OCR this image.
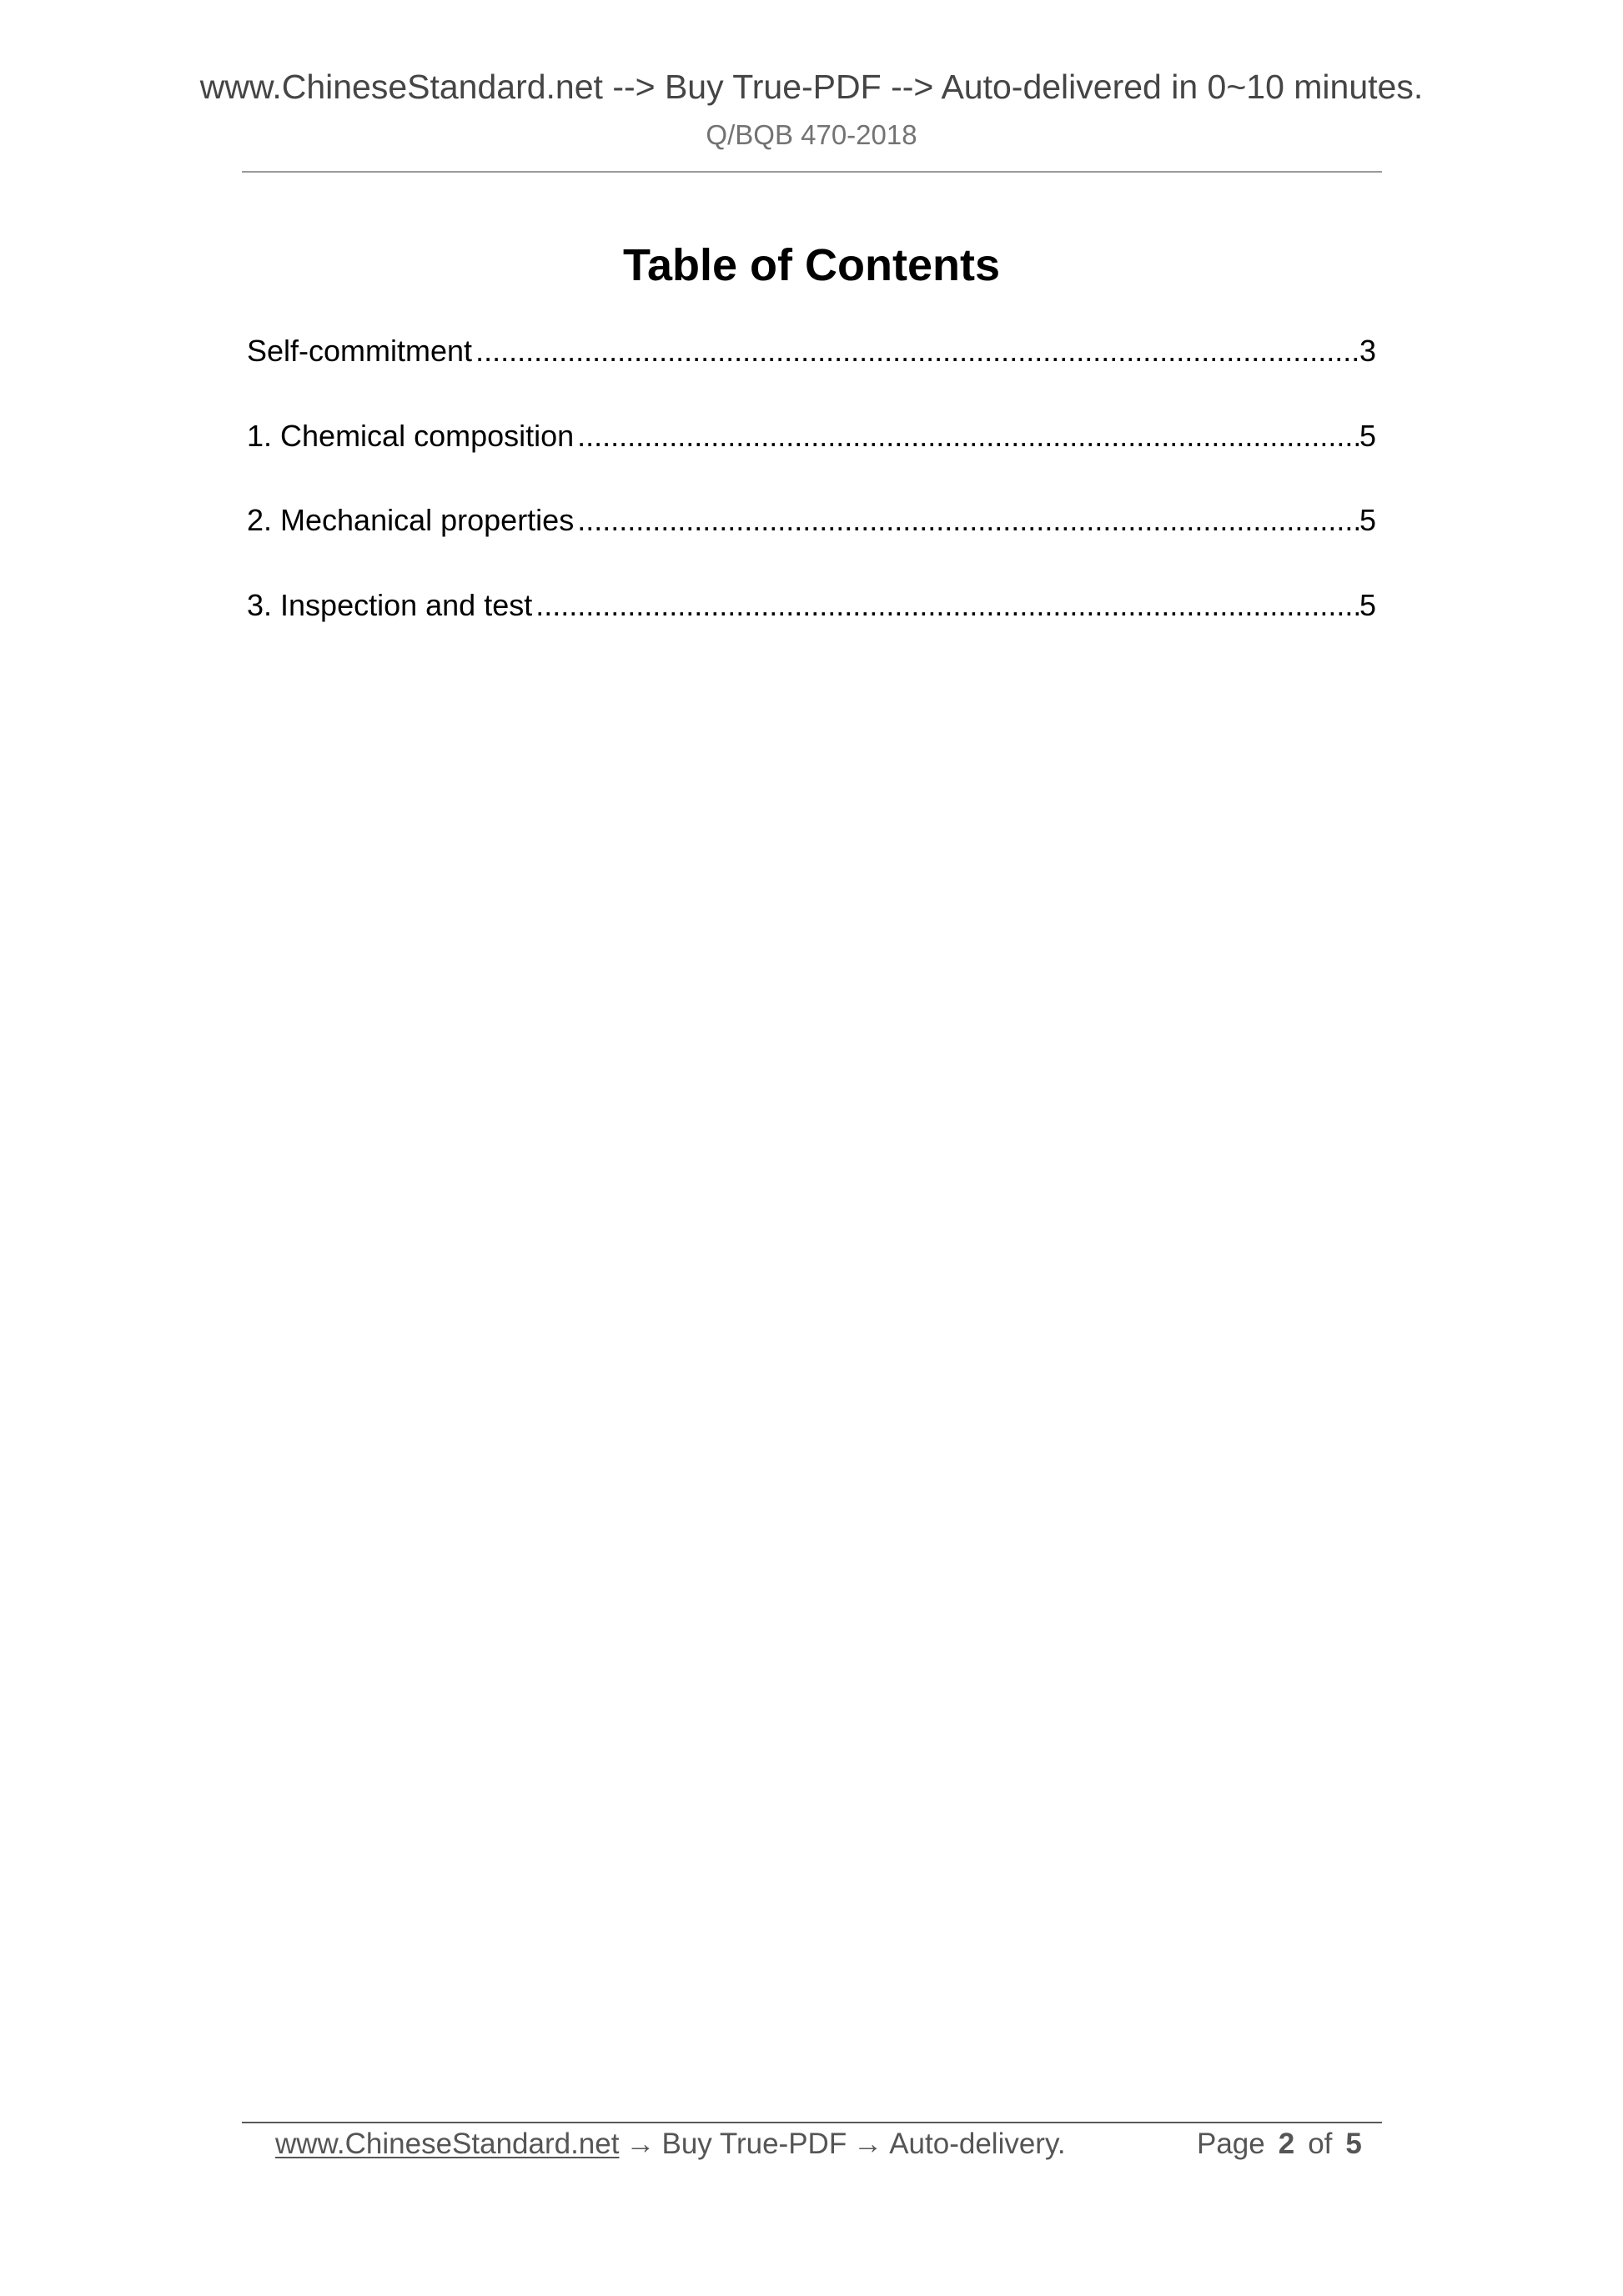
www.ChineseStandard.net --> Buy True-PDF --> Auto-delivered in 0~10 minutes.
Q/BQB 470-2018
Table of Contents
Self-commitment .....	3
1. Chemical composition .....	5
2. Mechanical properties .....	5
3. Inspection and test .....	5
www.ChineseStandard.net → Buy True-PDF → Auto-delivery.	Page 2 of 5
